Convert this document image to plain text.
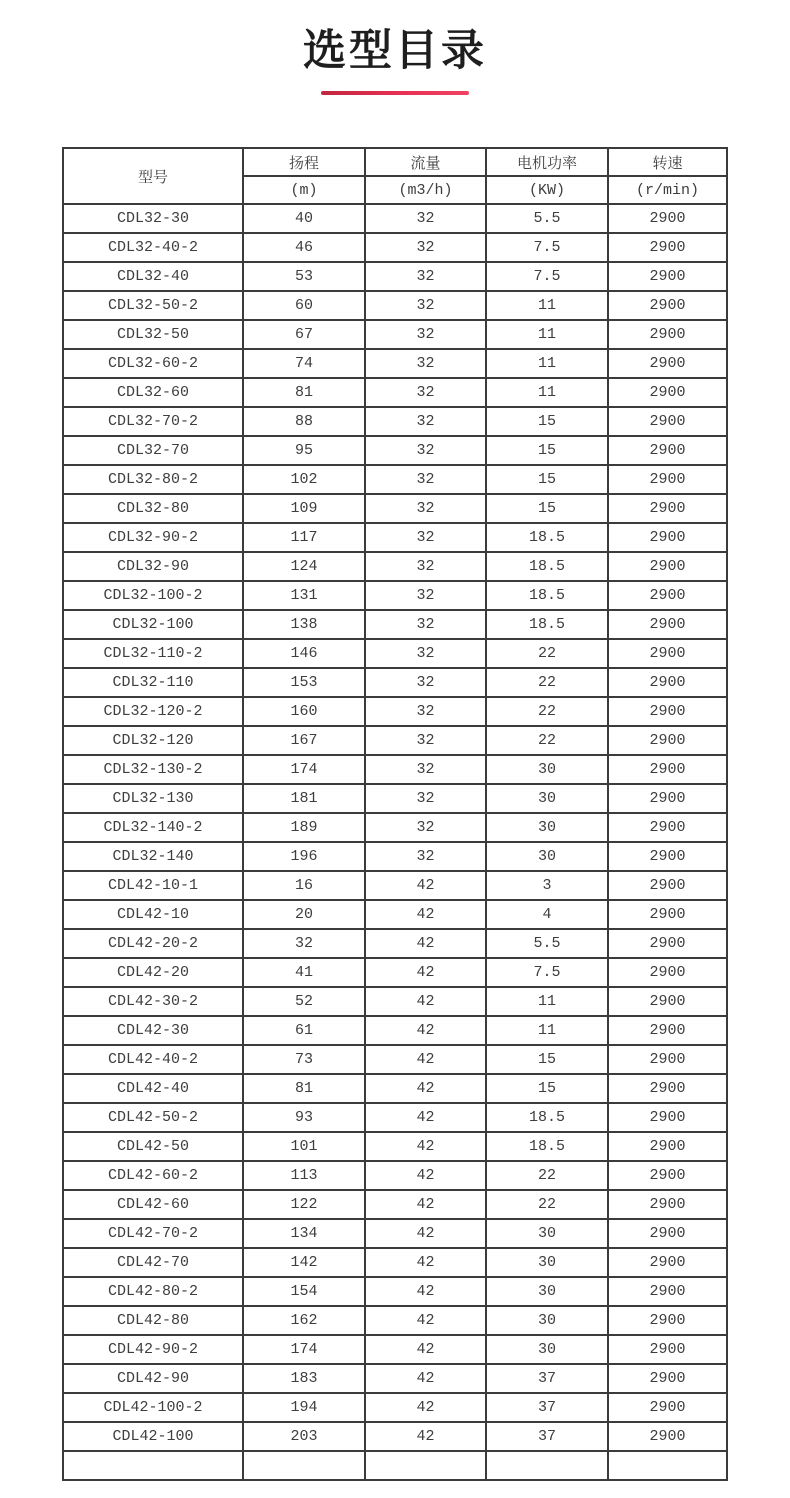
选型目录
型号	扬程	流量	电机功率	转速
	(m)	(m3/h)	(KW)	(r/min)
CDL32-30	40	32	5.5	2900
CDL32-40-2	46	32	7.5	2900
CDL32-40	53	32	7.5	2900
CDL32-50-2	60	32	11	2900
CDL32-50	67	32	11	2900
CDL32-60-2	74	32	11	2900
CDL32-60	81	32	11	2900
CDL32-70-2	88	32	15	2900
CDL32-70	95	32	15	2900
CDL32-80-2	102	32	15	2900
CDL32-80	109	32	15	2900
CDL32-90-2	117	32	18.5	2900
CDL32-90	124	32	18.5	2900
CDL32-100-2	131	32	18.5	2900
CDL32-100	138	32	18.5	2900
CDL32-110-2	146	32	22	2900
CDL32-110	153	32	22	2900
CDL32-120-2	160	32	22	2900
CDL32-120	167	32	22	2900
CDL32-130-2	174	32	30	2900
CDL32-130	181	32	30	2900
CDL32-140-2	189	32	30	2900
CDL32-140	196	32	30	2900
CDL42-10-1	16	42	3	2900
CDL42-10	20	42	4	2900
CDL42-20-2	32	42	5.5	2900
CDL42-20	41	42	7.5	2900
CDL42-30-2	52	42	11	2900
CDL42-30	61	42	11	2900
CDL42-40-2	73	42	15	2900
CDL42-40	81	42	15	2900
CDL42-50-2	93	42	18.5	2900
CDL42-50	101	42	18.5	2900
CDL42-60-2	113	42	22	2900
CDL42-60	122	42	22	2900
CDL42-70-2	134	42	30	2900
CDL42-70	142	42	30	2900
CDL42-80-2	154	42	30	2900
CDL42-80	162	42	30	2900
CDL42-90-2	174	42	30	2900
CDL42-90	183	42	37	2900
CDL42-100-2	194	42	37	2900
CDL42-100	203	42	37	2900
